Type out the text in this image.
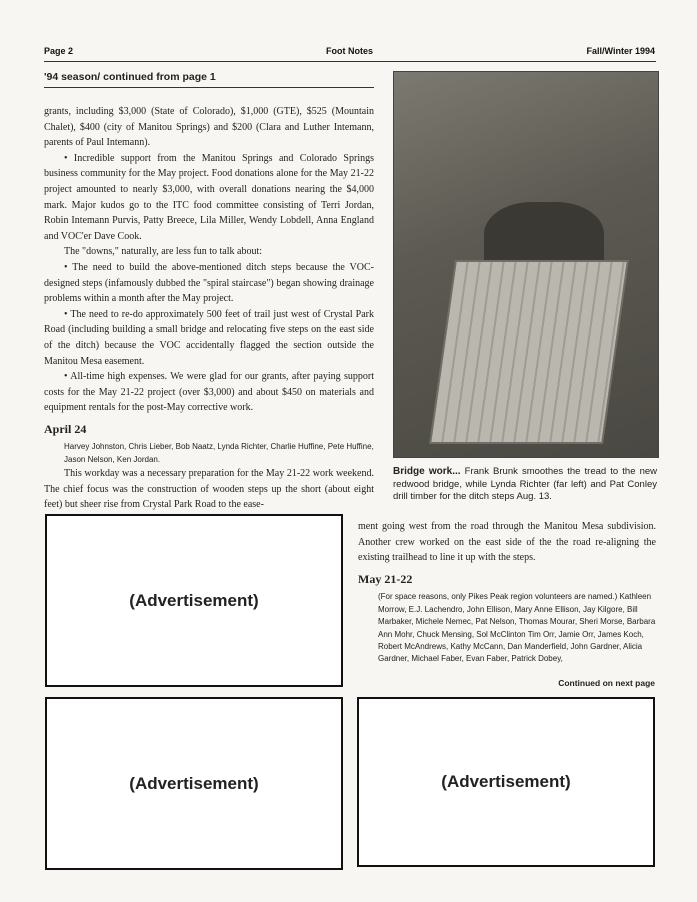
Page 2	Foot Notes	Fall/Winter 1994
'94 season/ continued from page 1

grants, including $3,000 (State of Colorado), $1,000 (GTE), $525 (Mountain Chalet), $400 (city of Manitou Springs) and $200 (Clara and Luther Intemann, parents of Paul Intemann).

• Incredible support from the Manitou Springs and Colorado Springs business community for the May project. Food donations alone for the May 21-22 project amounted to nearly $3,000, with overall donations nearing the $4,000 mark. Major kudos go to the ITC food committee consisting of Terri Jordan, Robin Intemann Purvis, Patty Breece, Lila Miller, Wendy Lobdell, Anna England and VOC'er Dave Cook.

The "downs," naturally, are less fun to talk about:

• The need to build the above-mentioned ditch steps because the VOC-designed steps (infamously dubbed the "spiral staircase") began showing drainage problems within a month after the May project.

• The need to re-do approximately 500 feet of trail just west of Crystal Park Road (including building a small bridge and relocating five steps on the east side of the ditch) because the VOC accidentally flagged the section outside the Manitou Mesa easement.

• All-time high expenses. We were glad for our grants, after paying support costs for the May 21-22 project (over $3,000) and about $450 on materials and equipment rentals for the post-May corrective work.

April 24

Harvey Johnston, Chris Lieber, Bob Naatz, Lynda Richter, Charlie Huffine, Pete Huffine, Jason Nelson, Ken Jordan.

This workday was a necessary preparation for the May 21-22 work weekend. The chief focus was the construction of wooden steps up the short (about eight feet) but sheer rise from Crystal Park Road to the ease-

Bridge work... Frank Brunk smoothes the tread to the new redwood bridge, while Lynda Richter (far left) and Pat Conley drill timber for the ditch steps Aug. 13.

ment going west from the road through the Manitou Mesa subdivision. Another crew worked on the east side of the the road re-aligning the existing trailhead to line it up with the steps.

May 21-22

(For space reasons, only Pikes Peak region volunteers are named.) Kathleen Morrow, E.J. Lachendro, John Ellison, Mary Anne Ellison, Jay Kilgore, Bill Marbaker, Michele Nemec, Pat Nelson, Thomas Mourar, Sheri Morse, Barbara Ann Mohr, Chuck Mensing, Sol McClinton Tim Orr, Jamie Orr, James Koch, Robert McAndrews, Kathy McCann, Dan Manderfield, John Gardner, Alicia Gardner, Michael Faber, Evan Faber, Patrick Dobey,

Continued on next page
(Advertisement)
(Advertisement)	(Advertisement)
